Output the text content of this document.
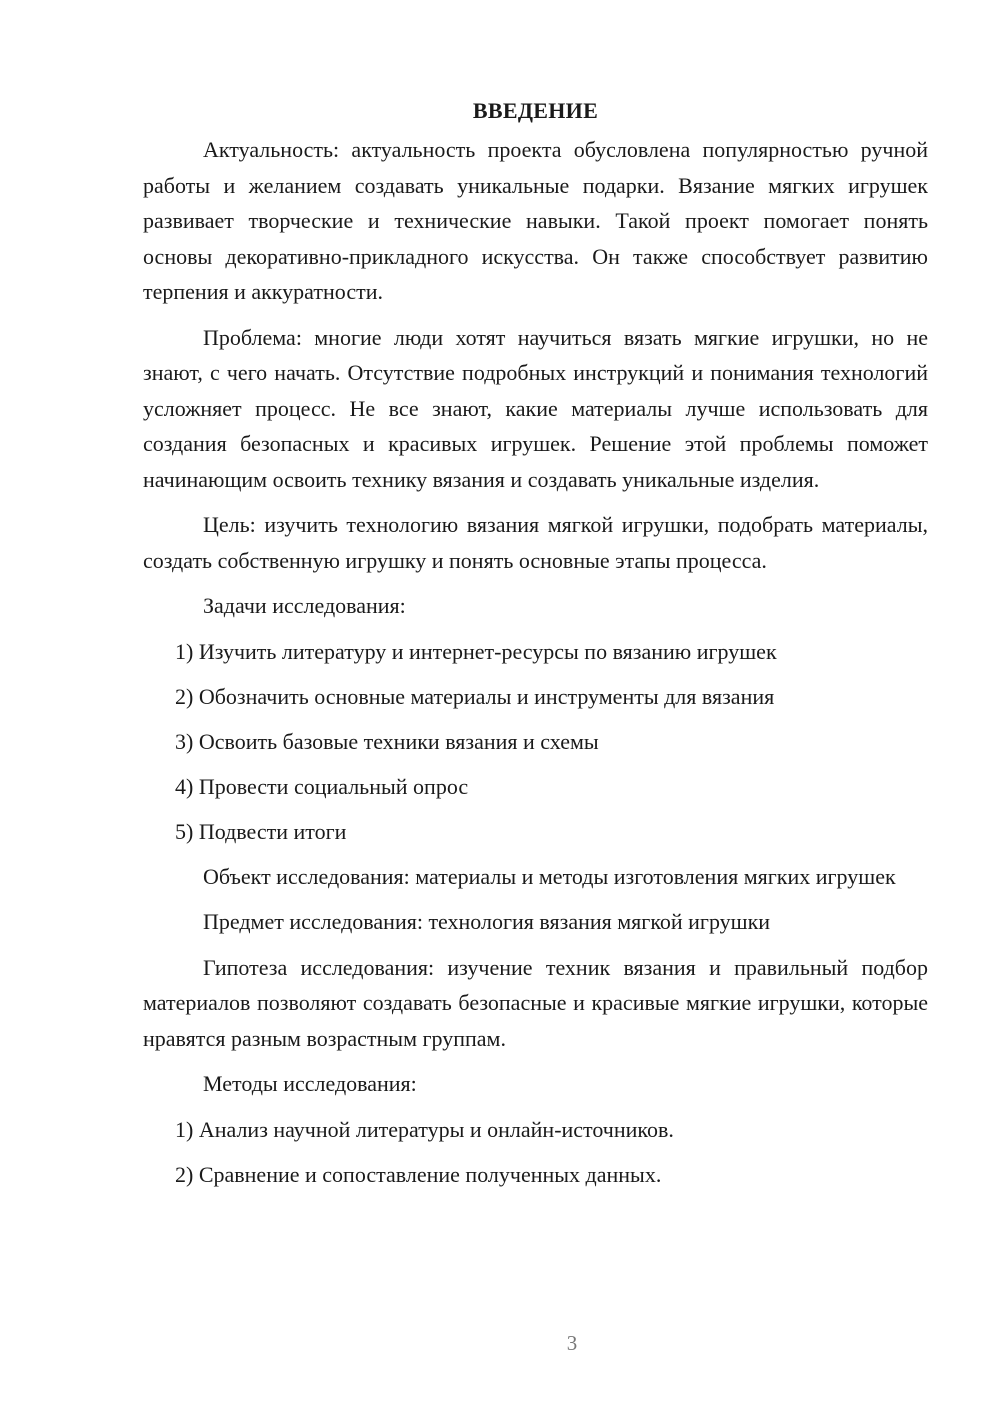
ВВЕДЕНИЕ

Актуальность: актуальность проекта обусловлена популярностью ручной работы и желанием создавать уникальные подарки. Вязание мягких игрушек развивает творческие и технические навыки. Такой проект помогает понять основы декоративно-прикладного искусства. Он также способствует развитию терпения и аккуратности.

Проблема: многие люди хотят научиться вязать мягкие игрушки, но не знают, с чего начать. Отсутствие подробных инструкций и понимания технологий усложняет процесс. Не все знают, какие материалы лучше использовать для создания безопасных и красивых игрушек. Решение этой проблемы поможет начинающим освоить технику вязания и создавать уникальные изделия.

Цель: изучить технологию вязания мягкой игрушки, подобрать материалы, создать собственную игрушку и понять основные этапы процесса.

Задачи исследования:

1) Изучить литературу и интернет-ресурсы по вязанию игрушек
2) Обозначить основные материалы и инструменты для вязания
3) Освоить базовые техники вязания и схемы
4) Провести социальный опрос
5) Подвести итоги

Объект исследования: материалы и методы изготовления мягких игрушек

Предмет исследования: технология вязания мягкой игрушки

Гипотеза исследования: изучение техник вязания и правильный подбор материалов позволяют создавать безопасные и красивые мягкие игрушки, которые нравятся разным возрастным группам.

Методы исследования:

1) Анализ научной литературы и онлайн-источников.
2) Сравнение и сопоставление полученных данных.
3
